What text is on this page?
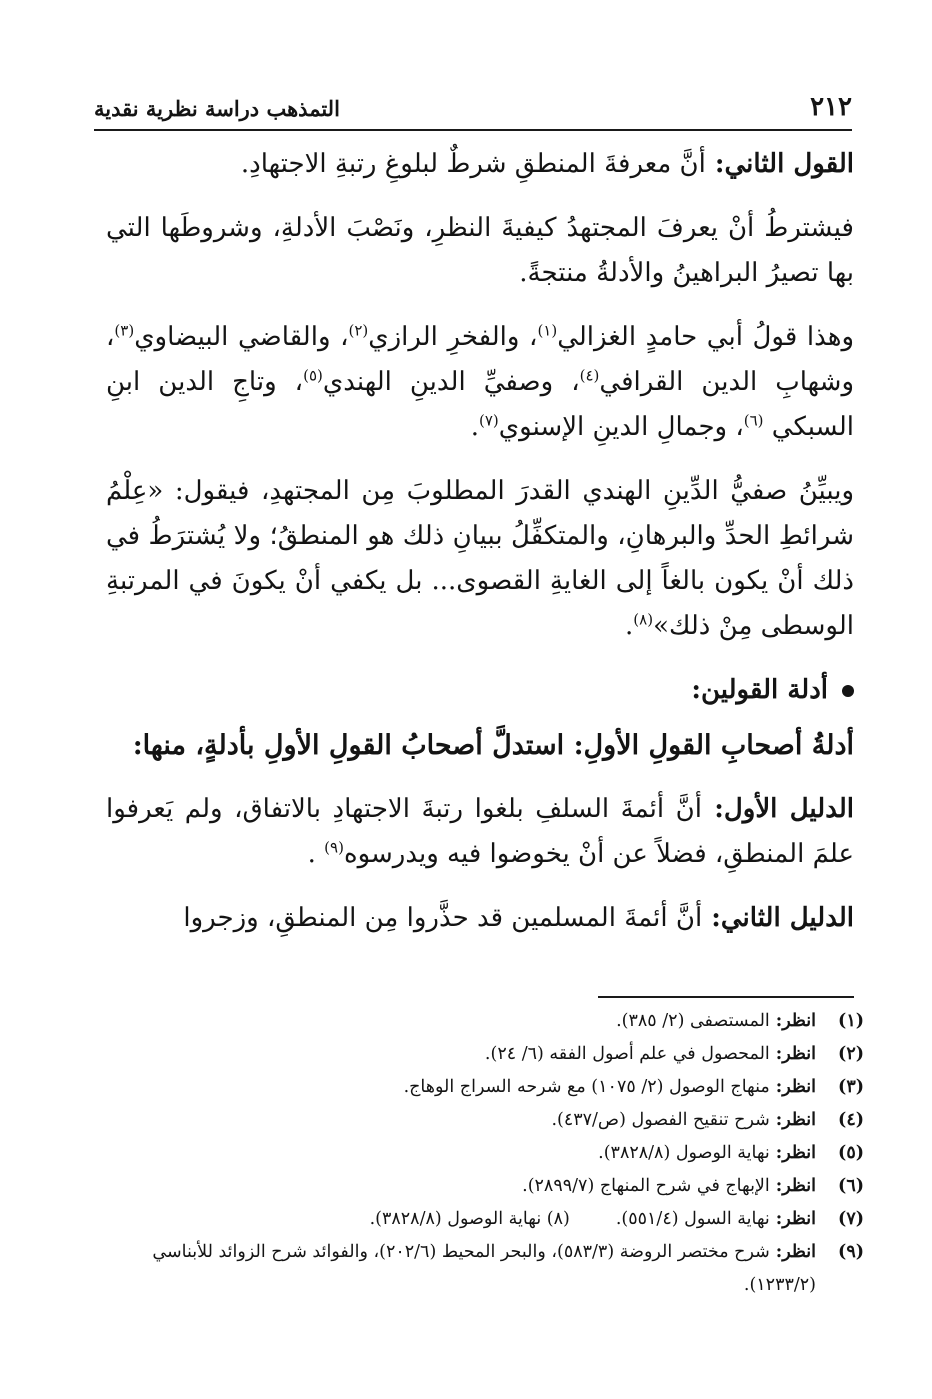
٢١٢
التمذهب دراسة نظرية نقدية

القول الثاني: أنَّ معرفةَ المنطقِ شرطٌ لبلوغِ رتبةِ الاجتهادِ.

فيشترطُ أنْ يعرفَ المجتهدُ كيفيةَ النظرِ، ونَصْبَ الأدلةِ، وشروطَها التي بها تصيرُ البراهينُ والأدلةُ منتجةً.

وهذا قولُ أبي حامدٍ الغزالي$^{(١)}$، والفخرِ الرازي$^{(٢)}$، والقاضي البيضاوي$^{(٣)}$، وشهابِ الدين القرافي$^{(٤)}$، وصفيِّ الدينِ الهندي$^{(٥)}$، وتاجِ الدين ابنِ السبكي $^{(٦)}$، وجمالِ الدينِ الإسنوي$^{(٧)}$.

ويبيِّنُ صفيُّ الدِّينِ الهندي القدرَ المطلوبَ مِن المجتهدِ، فيقول: «عِلْمُ شرائطِ الحدِّ والبرهانِ، والمتكفِّلُ ببيانِ ذلك هو المنطقُ؛ ولا يُشترَطُ في ذلك أنْ يكون بالغاً إلى الغايةِ القصوى... بل يكفي أنْ يكونَ في المرتبةِ الوسطى مِنْ ذلك»$^{(٨)}$.

أدلة القولين:

أدلةُ أصحابِ القولِ الأولِ: استدلَّ أصحابُ القولِ الأولِ بأدلةٍ، منها:

الدليل الأول: أنَّ أئمةَ السلفِ بلغوا رتبةَ الاجتهادِ بالاتفاق، ولم يَعرفوا علمَ المنطقِ، فضلاً عن أنْ يخوضوا فيه ويدرسوه$^{(٩)}$ .

الدليل الثاني: أنَّ أئمةَ المسلمين قد حذَّروا مِن المنطقِ، وزجروا

(١)
انظر:المستصفى (٢/ ٣٨٥).
(٢)
انظر:المحصول في علم أصول الفقه (٦/ ٢٤).
(٣)
انظر:منهاج الوصول (٢/ ١٠٧٥) مع شرحه السراج الوهاج.
(٤)
انظر:شرح تنقيح الفصول (ص/٤٣٧).
(٥)
انظر:نهاية الوصول (٣٨٢٨/٨).
(٦)
انظر:الإبهاج في شرح المنهاج (٢٨٩٩/٧).
(٧)
انظر:نهاية السول (٥٥١/٤).(٨) نهاية الوصول (٣٨٢٨/٨).
(٩)
انظر:شرح مختصر الروضة (٥٨٣/٣)، والبحر المحيط (٢٠٢/٦)، والفوائد شرح الزوائد للأبناسي (١٢٣٣/٢).
